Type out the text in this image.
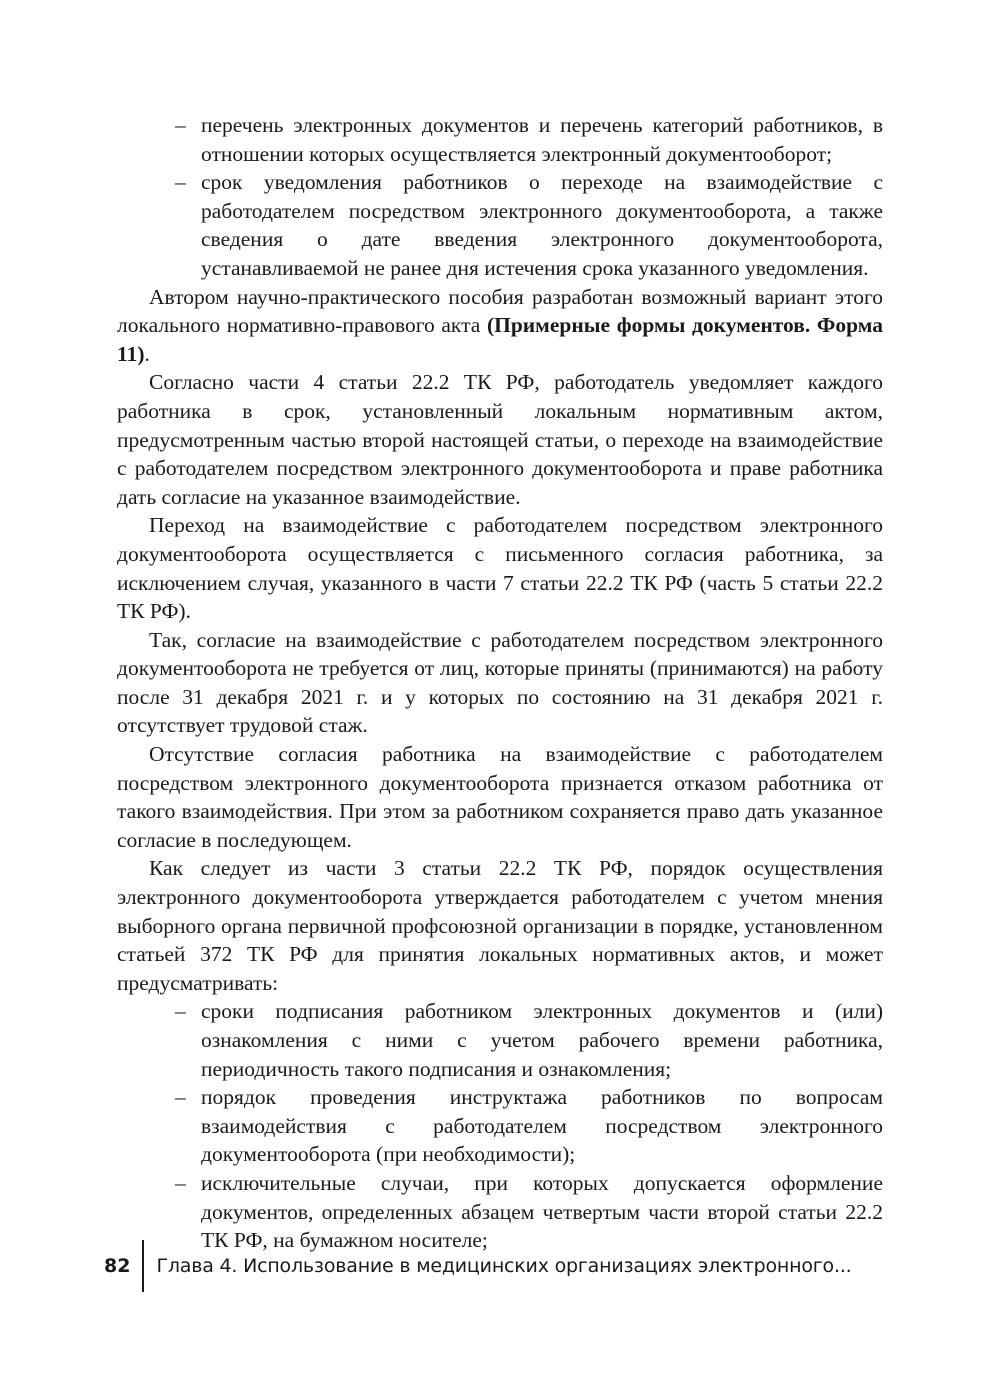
– перечень электронных документов и перечень категорий работников, в отношении которых осуществляется электронный документооборот;
– срок уведомления работников о переходе на взаимодействие с работодателем посредством электронного документооборота, а также сведения о дате введения электронного документооборота, устанавливаемой не ранее дня истечения срока указанного уведомления.

Автором научно-практического пособия разработан возможный вариант этого локального нормативно-правового акта (Примерные формы документов. Форма 11).

Согласно части 4 статьи 22.2 ТК РФ, работодатель уведомляет каждого работника в срок, установленный локальным нормативным актом, предусмотренным частью второй настоящей статьи, о переходе на взаимодействие с работодателем посредством электронного документооборота и праве работника дать согласие на указанное взаимодействие.

Переход на взаимодействие с работодателем посредством электронного документооборота осуществляется с письменного согласия работника, за исключением случая, указанного в части 7 статьи 22.2 ТК РФ (часть 5 статьи 22.2 ТК РФ).

Так, согласие на взаимодействие с работодателем посредством электронного документооборота не требуется от лиц, которые приняты (принимаются) на работу после 31 декабря 2021 г. и у которых по состоянию на 31 декабря 2021 г. отсутствует трудовой стаж.

Отсутствие согласия работника на взаимодействие с работодателем посредством электронного документооборота признается отказом работника от такого взаимодействия. При этом за работником сохраняется право дать указанное согласие в последующем.

Как следует из части 3 статьи 22.2 ТК РФ, порядок осуществления электронного документооборота утверждается работодателем с учетом мнения выборного органа первичной профсоюзной организации в порядке, установленном статьей 372 ТК РФ для принятия локальных нормативных актов, и может предусматривать:

– сроки подписания работником электронных документов и (или) ознакомления с ними с учетом рабочего времени работника, периодичность такого подписания и ознакомления;
– порядок проведения инструктажа работников по вопросам взаимодействия с работодателем посредством электронного документооборота (при необходимости);
– исключительные случаи, при которых допускается оформление документов, определенных абзацем четвертым части второй статьи 22.2 ТК РФ, на бумажном носителе;
82	Глава 4. Использование в медицинских организациях электронного...
